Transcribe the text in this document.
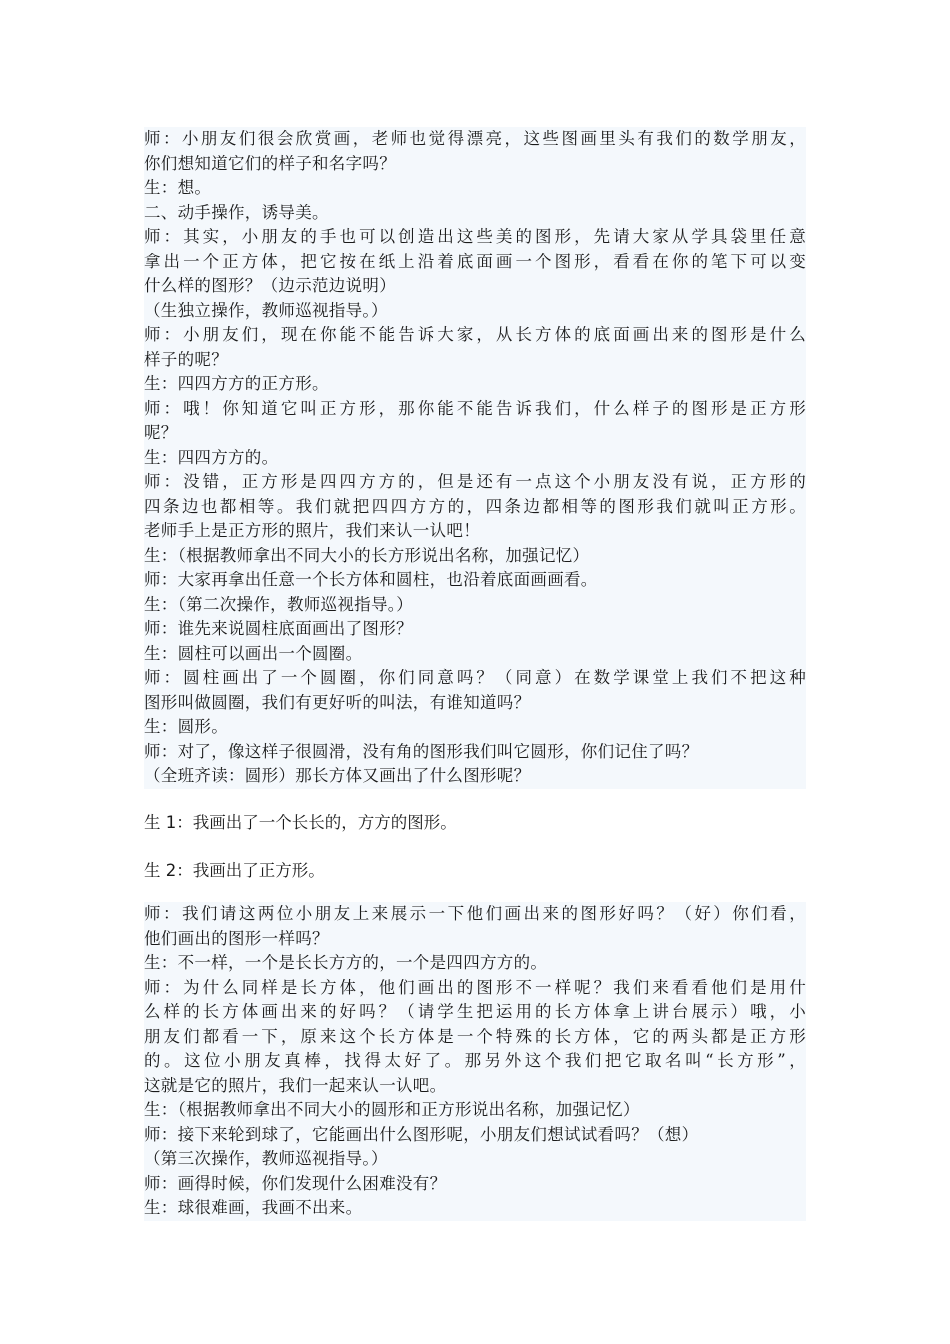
师：小朋友们很会欣赏画，老师也觉得漂亮，这些图画里头有我们的数学朋友，
你们想知道它们的样子和名字吗？
生：想。
二、动手操作，诱导美。
师：其实，小朋友的手也可以创造出这些美的图形，先请大家从学具袋里任意
拿出一个正方体，把它按在纸上沿着底面画一个图形，看看在你的笔下可以变
什么样的图形？（边示范边说明）
（生独立操作，教师巡视指导。）
师：小朋友们，现在你能不能告诉大家，从长方体的底面画出来的图形是什么
样子的呢？
生：四四方方的正方形。
师：哦！你知道它叫正方形，那你能不能告诉我们，什么样子的图形是正方形
呢？
生：四四方方的。
师：没错，正方形是四四方方的，但是还有一点这个小朋友没有说，正方形的
四条边也都相等。我们就把四四方方的，四条边都相等的图形我们就叫正方形。
老师手上是正方形的照片，我们来认一认吧！
生：（根据教师拿出不同大小的长方形说出名称，加强记忆）
师：大家再拿出任意一个长方体和圆柱，也沿着底面画画看。
生：（第二次操作，教师巡视指导。）
师：谁先来说圆柱底面画出了图形？
生：圆柱可以画出一个圆圈。
师：圆柱画出了一个圆圈，你们同意吗？（同意）在数学课堂上我们不把这种
图形叫做圆圈，我们有更好听的叫法，有谁知道吗？
生：圆形。
师：对了，像这样子很圆滑，没有角的图形我们叫它圆形，你们记住了吗？
（全班齐读：圆形）那长方体又画出了什么图形呢？
生 1：我画出了一个长长的，方方的图形。
生 2：我画出了正方形。
师：我们请这两位小朋友上来展示一下他们画出来的图形好吗？（好）你们看，
他们画出的图形一样吗？
生：不一样，一个是长长方方的，一个是四四方方的。
师：为什么同样是长方体，他们画出的图形不一样呢？我们来看看他们是用什
么样的长方体画出来的好吗？（请学生把运用的长方体拿上讲台展示）哦，小
朋友们都看一下，原来这个长方体是一个特殊的长方体，它的两头都是正方形
的。这位小朋友真棒，找得太好了。那另外这个我们把它取名叫“长方形”，
这就是它的照片，我们一起来认一认吧。
生：（根据教师拿出不同大小的圆形和正方形说出名称，加强记忆）
师：接下来轮到球了，它能画出什么图形呢，小朋友们想试试看吗？（想）
（第三次操作，教师巡视指导。）
师：画得时候，你们发现什么困难没有？
生：球很难画，我画不出来。
